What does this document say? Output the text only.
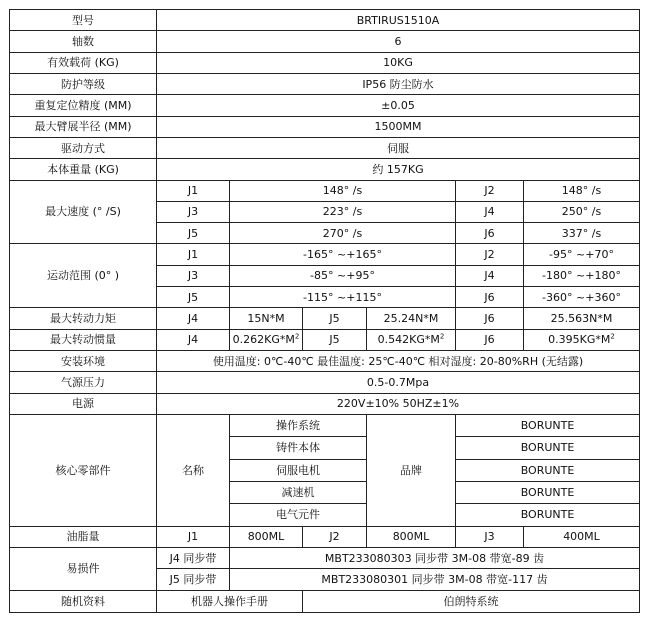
型号	BRTIRUS1510A					
轴数	6					
有效载荷 (KG)	10KG					
防护等级	IP56 防尘防水					
重复定位精度 (MM)	±0.05					
最大臂展半径 (MM)	1500MM					
驱动方式	伺服					
本体重量 (KG)	约 157KG					
最大速度 (° /S)	J1	148° /s			J2	148° /s
	J3	223° /s			J4	250° /s
	J5	270° /s			J6	337° /s
运动范围 (0° )	J1	-165° ~+165°			J2	-95° ~+70°
	J3	-85° ~+95°			J4	-180° ~+180°
	J5	-115° ~+115°			J6	-360° ~+360°
最大转动力矩	J4	15N*M	J5	25.24N*M	J6	25.563N*M
最大转动惯量	J4	$0.262KG*M^2$	J5	$0.542KG*M^2$	J6	$0.395KG*M^2$
安装环境	使用温度: 0℃-40℃ 最佳温度: 25℃-40℃ 相对湿度: 20-80%RH (无结露)					
气源压力	0.5-0.7Mpa					
电源	220V±10% 50HZ±1%					
核心零部件	名称	操作系统		品牌	BORUNTE	
		铸件本体			BORUNTE	
		伺服电机			BORUNTE	
		减速机			BORUNTE	
		电气元件			BORUNTE	
油脂量	J1	800ML	J2	800ML	J3	400ML
易损件	J4 同步带	MBT233080303 同步带 3M-08 带宽-89 齿				
	J5 同步带	MBT233080301 同步带 3M-08 带宽-117 齿				
随机资料	机器人操作手册		伯朗特系统			
